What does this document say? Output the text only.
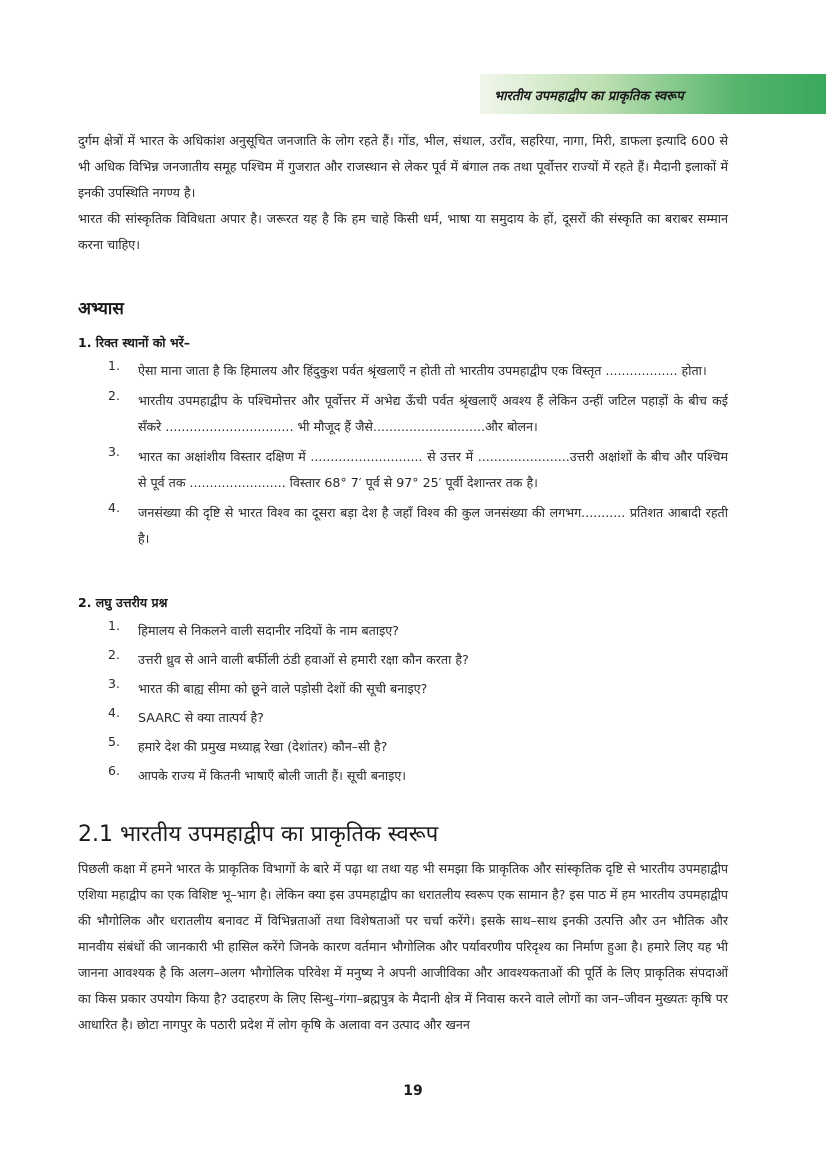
भारतीय उपमहाद्वीप का प्राकृतिक स्वरूप

दुर्गम क्षेत्रों में भारत के अधिकांश अनुसूचित जनजाति के लोग रहते हैं। गोंड, भील, संथाल, उराँव, सहरिया, नागा, मिरी, डाफला इत्यादि 600 से भी अधिक विभिन्न जनजातीय समूह पश्चिम में गुजरात और राजस्थान से लेकर पूर्व में बंगाल तक तथा पूर्वोत्तर राज्यों में रहते हैं। मैदानी इलाकों में इनकी उपस्थिति नगण्य है।

भारत की सांस्कृतिक विविधता अपार है। जरूरत यह है कि हम चाहे किसी धर्म, भाषा या समुदाय के हों, दूसरों की संस्कृति का बराबर सम्मान करना चाहिए।

अभ्यास
1. रिक्त स्थानों को भरें–
1. ऐसा माना जाता है कि हिमालय और हिंदुकुश पर्वत श्रृंखलाएँ न होती तो भारतीय उपमहाद्वीप एक विस्तृत .................. होता।
2. भारतीय उपमहाद्वीप के पश्चिमोत्तर और पूर्वोत्तर में अभेद्य ऊँची पर्वत श्रृंखलाएँ अवश्य हैं लेकिन उन्हीं जटिल पहाड़ों के बीच कई सँकरे ................................ भी मौजूद हैं जैसे............................और बोलन।
3. भारत का अक्षांशीय विस्तार दक्षिण में ............................ से उत्तर में .......................उत्तरी अक्षांशों के बीच और पश्चिम से पूर्व तक ........................ विस्तार 68° 7′ पूर्व से 97° 25′ पूर्वी देशान्तर तक है।
4. जनसंख्या की दृष्टि से भारत विश्व का दूसरा बड़ा देश है जहाँ विश्व की कुल जनसंख्या की लगभग........... प्रतिशत आबादी रहती है।
2. लघु उत्तरीय प्रश्न
1. हिमालय से निकलने वाली सदानीर नदियों के नाम बताइए?
2. उत्तरी ध्रुव से आने वाली बर्फीली ठंडी हवाओं से हमारी रक्षा कौन करता है?
3. भारत की बाह्य सीमा को छूने वाले पड़ोसी देशों की सूची बनाइए?
4. SAARC से क्या तात्पर्य है?
5. हमारे देश की प्रमुख मध्याह्न रेखा (देशांतर) कौन–सी है?
6. आपके राज्य में कितनी भाषाएँ बोली जाती हैं। सूची बनाइए।
2.1 भारतीय उपमहाद्वीप का प्राकृतिक स्वरूप

पिछली कक्षा में हमने भारत के प्राकृतिक विभागों के बारे में पढ़ा था तथा यह भी समझा कि प्राकृतिक और सांस्कृतिक दृष्टि से भारतीय उपमहाद्वीप एशिया महाद्वीप का एक विशिष्ट भू–भाग है। लेकिन क्या इस उपमहाद्वीप का धरातलीय स्वरूप एक सामान है? इस पाठ में हम भारतीय उपमहाद्वीप की भौगोलिक और धरातलीय बनावट में विभिन्नताओं तथा विशेषताओं पर चर्चा करेंगे। इसके साथ–साथ इनकी उत्पत्ति और उन भौतिक और मानवीय संबंधों की जानकारी भी हासिल करेंगे जिनके कारण वर्तमान भौगोलिक और पर्यावरणीय परिदृश्य का निर्माण हुआ है। हमारे लिए यह भी जानना आवश्यक है कि अलग–अलग भौगोलिक परिवेश में मनुष्य ने अपनी आजीविका और आवश्यकताओं की पूर्ति के लिए प्राकृतिक संपदाओं का किस प्रकार उपयोग किया है? उदाहरण के लिए सिन्धु–गंगा–ब्रह्मपुत्र के मैदानी क्षेत्र में निवास करने वाले लोगों का जन–जीवन मुख्यतः कृषि पर आधारित है। छोटा नागपुर के पठारी प्रदेश में लोग कृषि के अलावा वन उत्पाद और खनन

19
